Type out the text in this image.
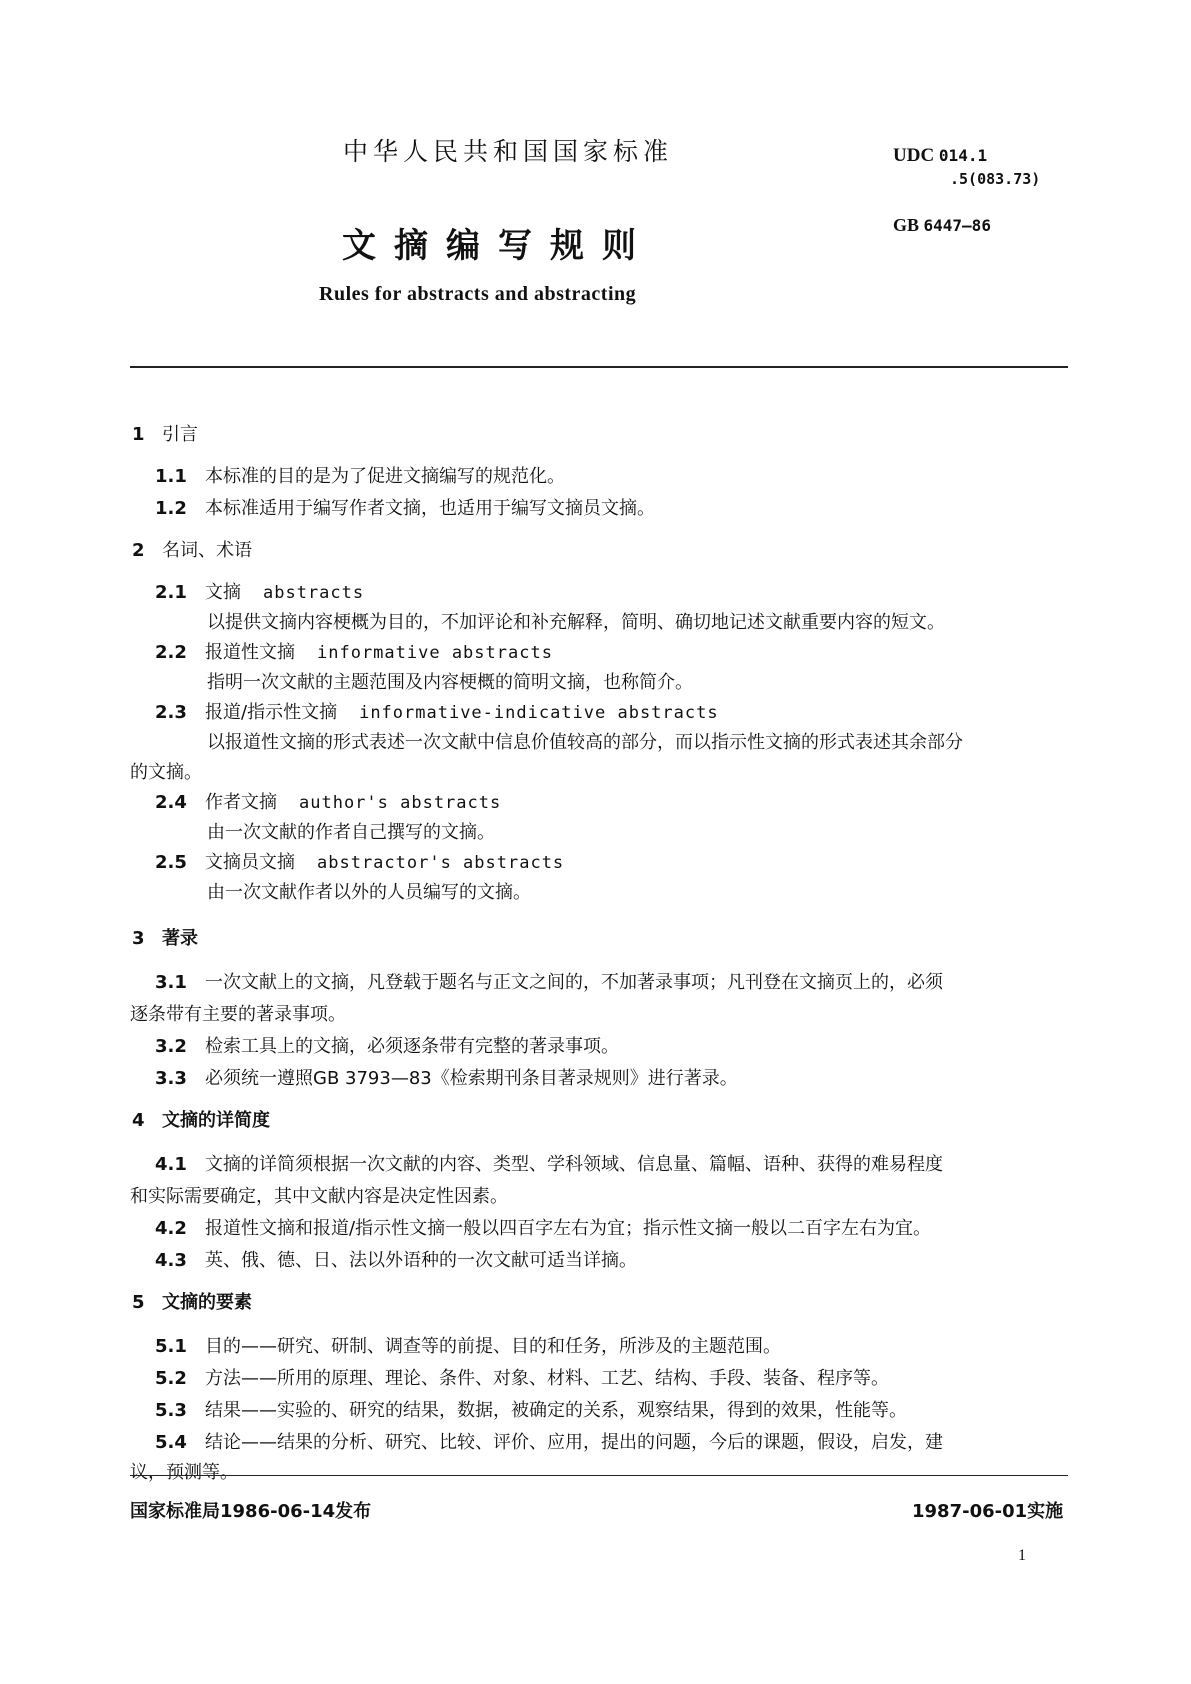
中华人民共和国国家标准	UDC 014.1
.5(083.73)
GB 6447—86
文摘编写规则
Rules for abstracts and abstracting
1 引言
1.1 本标准的目的是为了促进文摘编写的规范化。
1.2 本标准适用于编写作者文摘，也适用于编写文摘员文摘。
2 名词、术语
2.1 文摘 abstracts
以提供文摘内容梗概为目的，不加评论和补充解释，简明、确切地记述文献重要内容的短文。
2.2 报道性文摘 informative abstracts
指明一次文献的主题范围及内容梗概的简明文摘，也称简介。
2.3 报道/指示性文摘 informative-indicative abstracts
以报道性文摘的形式表述一次文献中信息价值较高的部分，而以指示性文摘的形式表述其余部分
的文摘。
2.4 作者文摘 author's abstracts
由一次文献的作者自己撰写的文摘。
2.5 文摘员文摘 abstractor's abstracts
由一次文献作者以外的人员编写的文摘。
3 著录
3.1 一次文献上的文摘，凡登载于题名与正文之间的，不加著录事项；凡刊登在文摘页上的，必须
逐条带有主要的著录事项。
3.2 检索工具上的文摘，必须逐条带有完整的著录事项。
3.3 必须统一遵照GB 3793—83《检索期刊条目著录规则》进行著录。
4 文摘的详简度
4.1 文摘的详简须根据一次文献的内容、类型、学科领域、信息量、篇幅、语种、获得的难易程度
和实际需要确定，其中文献内容是决定性因素。
4.2 报道性文摘和报道/指示性文摘一般以四百字左右为宜；指示性文摘一般以二百字左右为宜。
4.3 英、俄、德、日、法以外语种的一次文献可适当详摘。
5 文摘的要素
5.1 目的——研究、研制、调查等的前提、目的和任务，所涉及的主题范围。
5.2 方法——所用的原理、理论、条件、对象、材料、工艺、结构、手段、装备、程序等。
5.3 结果——实验的、研究的结果，数据，被确定的关系，观察结果，得到的效果，性能等。
5.4 结论——结果的分析、研究、比较、评价、应用，提出的问题，今后的课题，假设，启发，建
议，预测等。
国家标准局1986-06-14发布	1987-06-01实施
1
